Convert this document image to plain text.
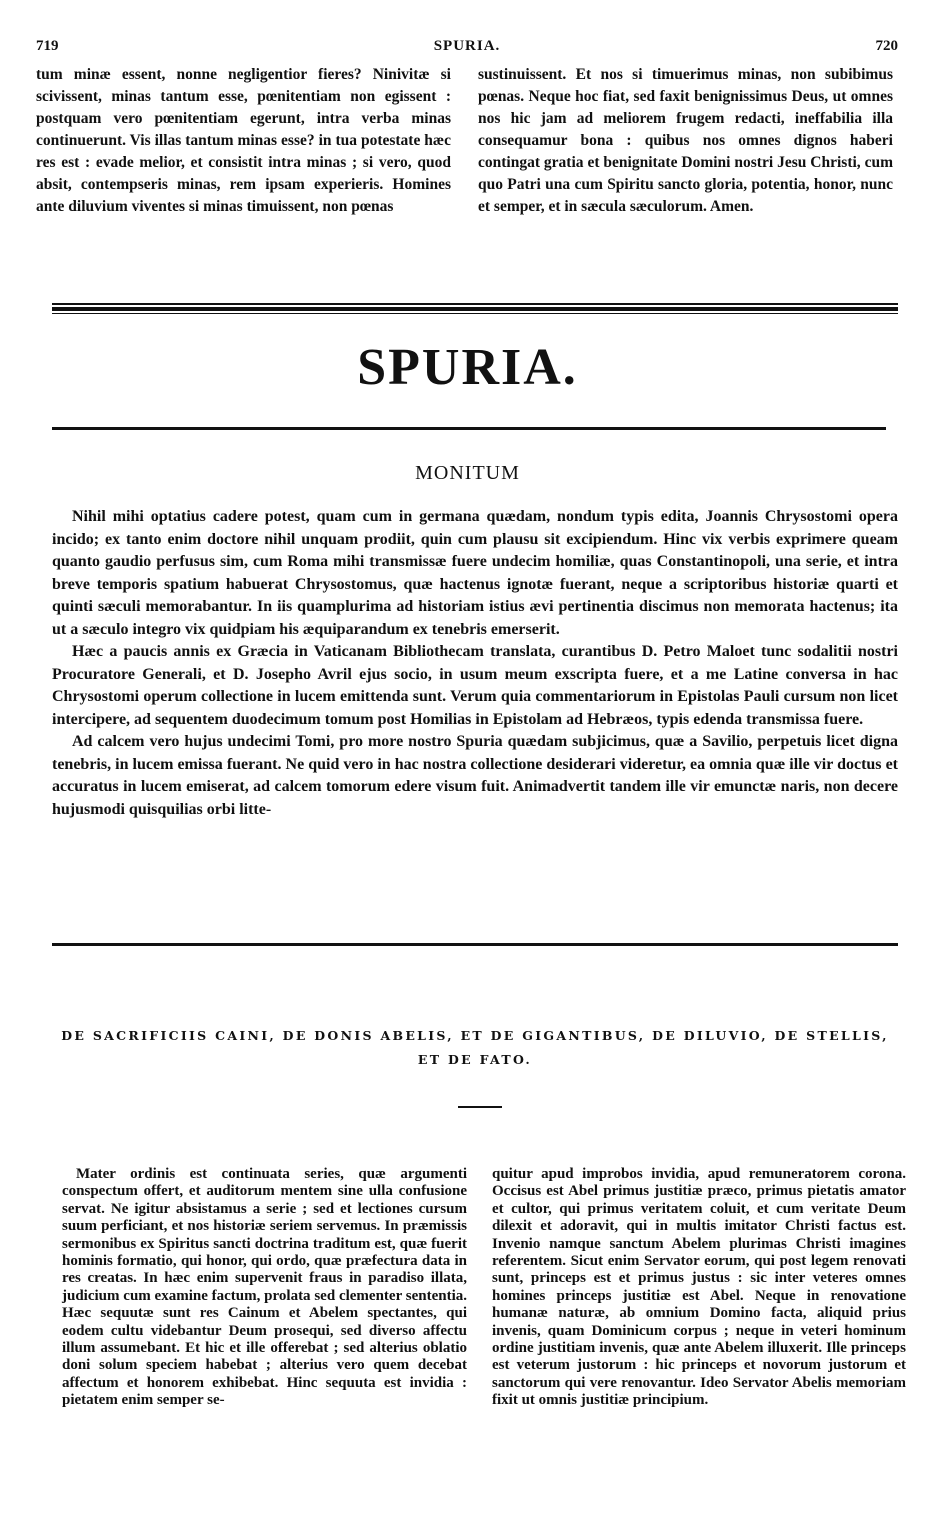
719	SPURIA.	720

tum minæ essent, nonne negligentior fieres? Ninivitæ si scivissent, minas tantum esse, pœnitentiam non egissent : postquam vero pœnitentiam egerunt, intra verba minas continuerunt. Vis illas tantum minas esse? in tua potestate hæc res est : evade melior, et consistit intra minas ; si vero, quod absit, contempseris minas, rem ipsam experieris. Homines ante diluvium viventes si minas timuissent, non pœnas

sustinuissent. Et nos si timuerimus minas, non subibimus pœnas. Neque hoc fiat, sed faxit benignissimus Deus, ut omnes nos hic jam ad meliorem frugem redacti, ineffabilia illa consequamur bona : quibus nos omnes dignos haberi contingat gratia et benignitate Domini nostri Jesu Christi, cum quo Patri una cum Spiritu sancto gloria, potentia, honor, nunc et semper, et in sæcula sæculorum. Amen.

SPURIA.
MONITUM

Nihil mihi optatius cadere potest, quam cum in germana quædam, nondum typis edita, Joannis Chrysostomi opera incido; ex tanto enim doctore nihil unquam prodiit, quin cum plausu sit excipiendum. Hinc vix verbis exprimere queam quanto gaudio perfusus sim, cum Roma mihi transmissæ fuere undecim homiliæ, quas Constantinopoli, una serie, et intra breve temporis spatium habuerat Chrysostomus, quæ hactenus ignotæ fuerant, neque a scriptoribus historiæ quarti et quinti sæculi memorabantur. In iis quamplurima ad historiam istius ævi pertinentia discimus non memorata hactenus; ita ut a sæculo integro vix quidpiam his æquiparandum ex tenebris emerserit.

Hæc a paucis annis ex Græcia in Vaticanam Bibliothecam translata, curantibus D. Petro Maloet tunc sodalitii nostri Procuratore Generali, et D. Josepho Avril ejus socio, in usum meum exscripta fuere, et a me Latine conversa in hac Chrysostomi operum collectione in lucem emittenda sunt. Verum quia commentariorum in Epistolas Pauli cursum non licet intercipere, ad sequentem duodecimum tomum post Homilias in Epistolam ad Hebræos, typis edenda transmissa fuere.

Ad calcem vero hujus undecimi Tomi, pro more nostro Spuria quædam subjicimus, quæ a Savilio, perpetuis licet digna tenebris, in lucem emissa fuerant. Ne quid vero in hac nostra collectione desiderari videretur, ea omnia quæ ille vir doctus et accuratus in lucem emiserat, ad calcem tomorum edere visum fuit. Animadvertit tandem ille vir emunctæ naris, non decere hujusmodi quisquilias orbi litte-

DE SACRIFICIIS CAINI, DE DONIS ABELIS, ET DE GIGANTIBUS, DE DILUVIO, DE STELLIS,
ET DE FATO.

Mater ordinis est continuata series, quæ argumenti conspectum offert, et auditorum mentem sine ulla confusione servat. Ne igitur absistamus a serie ; sed et lectiones cursum suum perficiant, et nos historiæ seriem servemus. In præmissis sermonibus ex Spiritus sancti doctrina traditum est, quæ fuerit hominis formatio, qui honor, qui ordo, quæ præfectura data in res creatas. In hæc enim supervenit fraus in paradiso illata, judicium cum examine factum, prolata sed clementer sententia. Hæc sequutæ sunt res Cainum et Abelem spectantes, qui eodem cultu videbantur Deum prosequi, sed diverso affectu illum assumebant. Et hic et ille offerebat ; sed alterius oblatio doni solum speciem habebat ; alterius vero quem decebat affectum et honorem exhibebat. Hinc sequuta est invidia : pietatem enim semper se-

quitur apud improbos invidia, apud remuneratorem corona. Occisus est Abel primus justitiæ præco, primus pietatis amator et cultor, qui primus veritatem coluit, et cum veritate Deum dilexit et adoravit, qui in multis imitator Christi factus est. Invenio namque sanctum Abelem plurimas Christi imagines referentem. Sicut enim Servator eorum, qui post legem renovati sunt, princeps est et primus justus : sic inter veteres omnes homines princeps justitiæ est Abel. Neque in renovatione humanæ naturæ, ab omnium Domino facta, aliquid prius invenis, quam Dominicum corpus ; neque in veteri hominum ordine justitiam invenis, quæ ante Abelem illuxerit. Ille princeps est veterum justorum : hic princeps et novorum justorum et sanctorum qui vere renovantur. Ideo Servator Abelis memoriam fixit ut omnis justitiæ principium.
